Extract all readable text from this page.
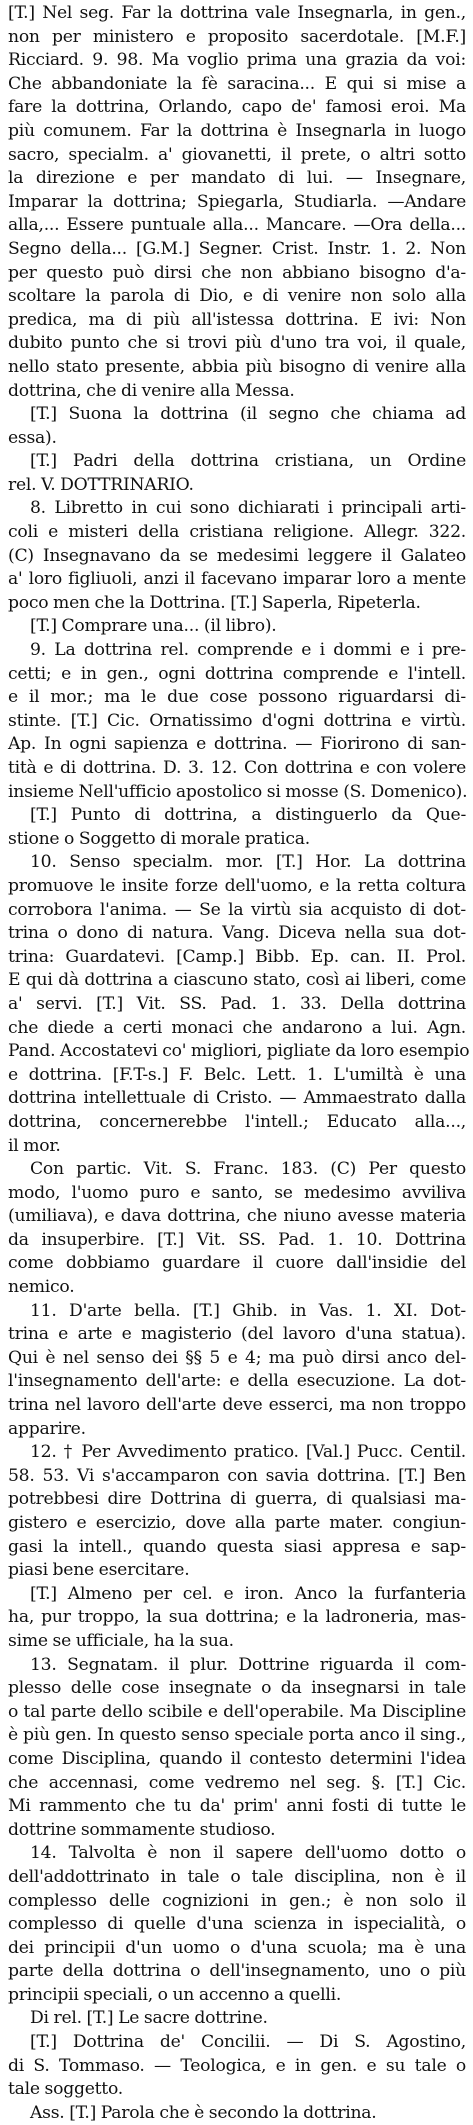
[T.] Nel seg. Far la dottrina vale Insegnarla, in gen.,
non per ministero e proposito sacerdotale. [M.F.]
Ricciard. 9. 98. Ma voglio prima una grazia da voi:
Che abbandoniate la fè saracina... E qui si mise a
fare la dottrina, Orlando, capo de' famosi eroi. Ma
più comunem. Far la dottrina è Insegnarla in luogo
sacro, specialm. a' giovanetti, il prete, o altri sotto
la direzione e per mandato di lui. — Insegnare,
Imparar la dottrina; Spiegarla, Studiarla. —Andare
alla,... Essere puntuale alla... Mancare. —Ora della...
Segno della... [G.M.] Segner. Crist. Instr. 1. 2. Non
per questo può dirsi che non abbiano bisogno d'a-
scoltare la parola di Dio, e di venire non solo alla
predica, ma di più all'istessa dottrina. E ivi: Non
dubito punto che si trovi più d'uno tra voi, il quale,
nello stato presente, abbia più bisogno di venire alla
dottrina, che di venire alla Messa.
[T.] Suona la dottrina (il segno che chiama ad
essa).
[T.] Padri della dottrina cristiana, un Ordine
rel. V. DOTTRINARIO.
8. Libretto in cui sono dichiarati i principali arti-
coli e misteri della cristiana religione. Allegr. 322.
(C) Insegnavano da se medesimi leggere il Galateo
a' loro figliuoli, anzi il facevano imparar loro a mente
poco men che la Dottrina. [T.] Saperla, Ripeterla.
[T.] Comprare una... (il libro).
9. La dottrina rel. comprende e i dommi e i pre-
cetti; e in gen., ogni dottrina comprende e l'intell.
e il mor.; ma le due cose possono riguardarsi di-
stinte. [T.] Cic. Ornatissimo d'ogni dottrina e virtù.
Ap. In ogni sapienza e dottrina. — Fiorirono di san-
tità e di dottrina. D. 3. 12. Con dottrina e con volere
insieme Nell'ufficio apostolico si mosse (S. Domenico).
[T.] Punto di dottrina, a distinguerlo da Que-
stione o Soggetto di morale pratica.
10. Senso specialm. mor. [T.] Hor. La dottrina
promuove le insite forze dell'uomo, e la retta coltura
corrobora l'anima. — Se la virtù sia acquisto di dot-
trina o dono di natura. Vang. Diceva nella sua dot-
trina: Guardatevi. [Camp.] Bibb. Ep. can. II. Prol.
E qui dà dottrina a ciascuno stato, così ai liberi, come
a' servi. [T.] Vit. SS. Pad. 1. 33. Della dottrina
che diede a certi monaci che andarono a lui. Agn.
Pand. Accostatevi co' migliori, pigliate da loro esempio
e dottrina. [F.T-s.] F. Belc. Lett. 1. L'umiltà è una
dottrina intellettuale di Cristo. — Ammaestrato dalla
dottrina, concernerebbe l'intell.; Educato alla...,
il mor.
Con partic. Vit. S. Franc. 183. (C) Per questo
modo, l'uomo puro e santo, se medesimo avviliva
(umiliava), e dava dottrina, che niuno avesse materia
da insuperbire. [T.] Vit. SS. Pad. 1. 10. Dottrina
come dobbiamo guardare il cuore dall'insidie del
nemico.
11. D'arte bella. [T.] Ghib. in Vas. 1. XI. Dot-
trina e arte e magisterio (del lavoro d'una statua).
Qui è nel senso dei §§ 5 e 4; ma può dirsi anco del-
l'insegnamento dell'arte: e della esecuzione. La dot-
trina nel lavoro dell'arte deve esserci, ma non troppo
apparire.
12. † Per Avvedimento pratico. [Val.] Pucc. Centil.
58. 53. Vi s'accamparon con savia dottrina. [T.] Ben
potrebbesi dire Dottrina di guerra, di qualsiasi ma-
gistero e esercizio, dove alla parte mater. congiun-
gasi la intell., quando questa siasi appresa e sap-
piasi bene esercitare.
[T.] Almeno per cel. e iron. Anco la furfanteria
ha, pur troppo, la sua dottrina; e la ladroneria, mas-
sime se ufficiale, ha la sua.
13. Segnatam. il plur. Dottrine riguarda il com-
plesso delle cose insegnate o da insegnarsi in tale
o tal parte dello scibile e dell'operabile. Ma Discipline
è più gen. In questo senso speciale porta anco il sing.,
come Disciplina, quando il contesto determini l'idea
che accennasi, come vedremo nel seg. §. [T.] Cic.
Mi rammento che tu da' prim' anni fosti di tutte le
dottrine sommamente studioso.
14. Talvolta è non il sapere dell'uomo dotto o
dell'addottrinato in tale o tale disciplina, non è il
complesso delle cognizioni in gen.; è non solo il
complesso di quelle d'una scienza in ispecialità, o
dei principii d'un uomo o d'una scuola; ma è una
parte della dottrina o dell'insegnamento, uno o più
principii speciali, o un accenno a quelli.
Di rel. [T.] Le sacre dottrine.
[T.] Dottrina de' Concilii. — Di S. Agostino,
di S. Tommaso. — Teologica, e in gen. e su tale o
tale soggetto.
Ass. [T.] Parola che è secondo la dottrina.
